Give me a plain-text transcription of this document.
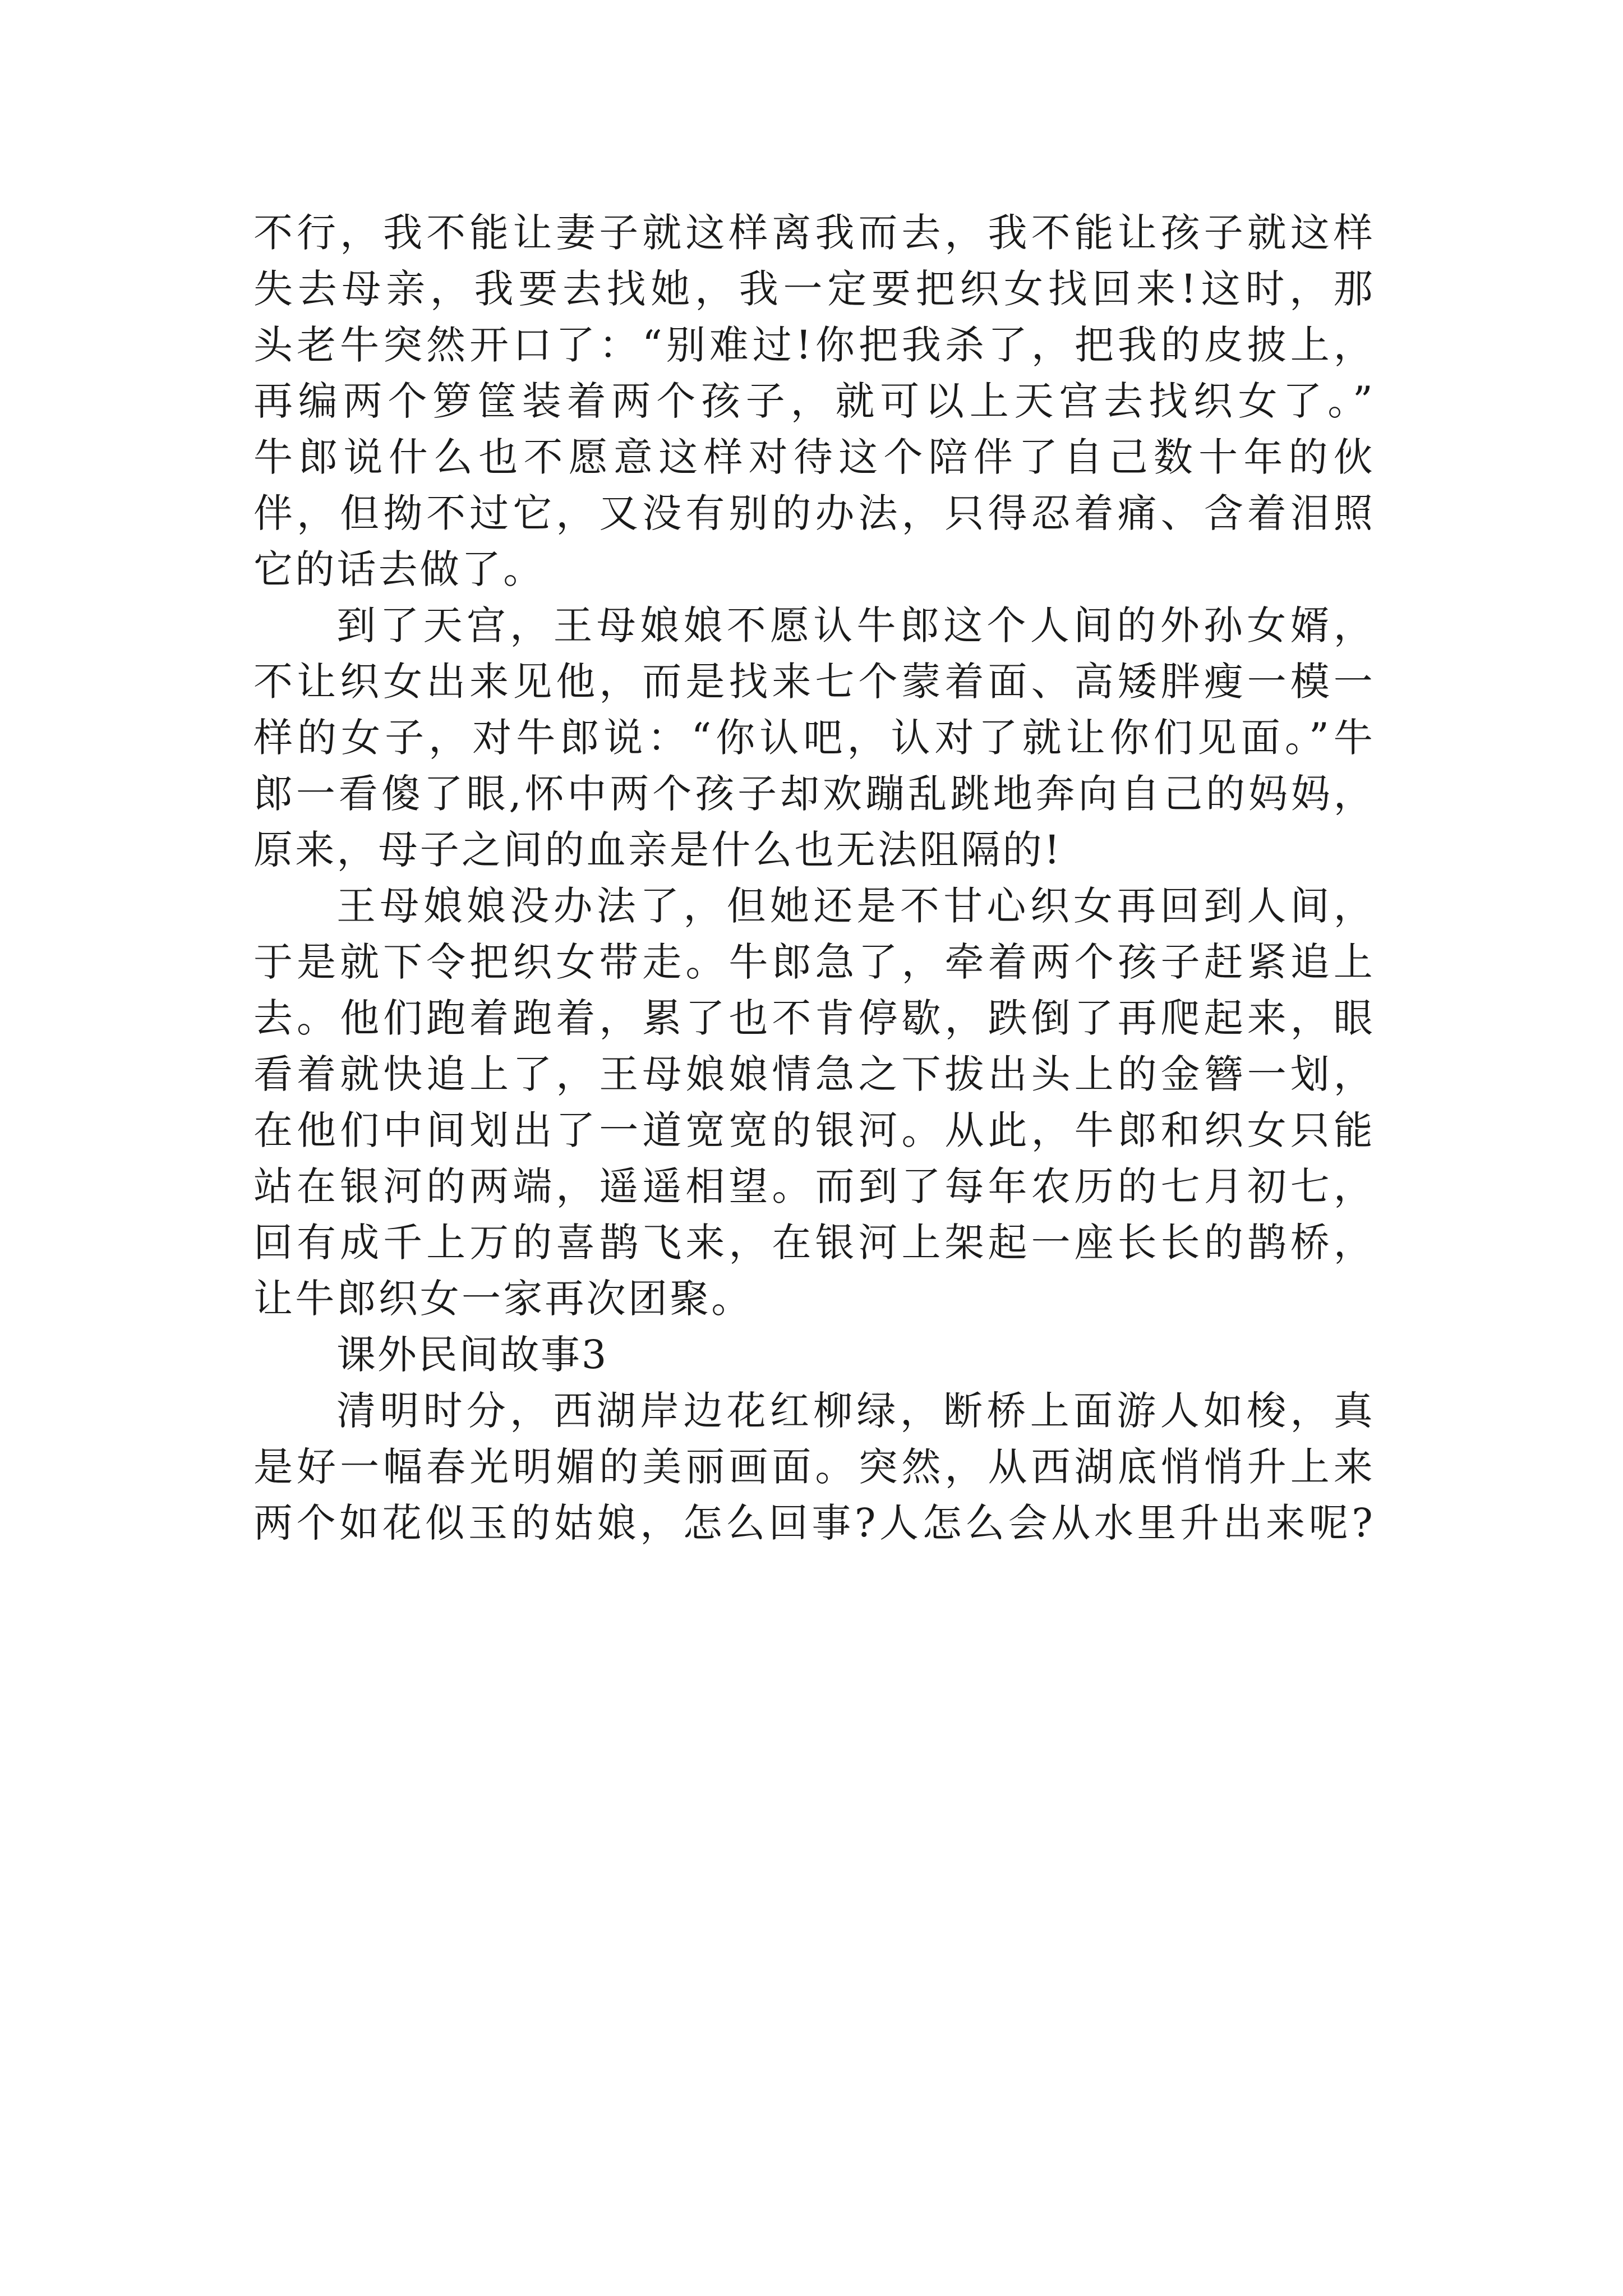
不行，我不能让妻子就这样离我而去，我不能让孩子就这样
失去母亲，我要去找她，我一定要把织女找回来!这时，那
头老牛突然开口了：“别难过!你把我杀了，把我的皮披上，
再编两个箩筐装着两个孩子，就可以上天宫去找织女了。”
牛郎说什么也不愿意这样对待这个陪伴了自己数十年的伙
伴，但拗不过它，又没有别的办法，只得忍着痛、含着泪照
它的话去做了。
到了天宫，王母娘娘不愿认牛郎这个人间的外孙女婿，
不让织女出来见他，而是找来七个蒙着面、高矮胖瘦一模一
样的女子，对牛郎说：“你认吧，认对了就让你们见面。”牛
郎一看傻了眼,怀中两个孩子却欢蹦乱跳地奔向自己的妈妈，
原来，母子之间的血亲是什么也无法阻隔的!
王母娘娘没办法了，但她还是不甘心织女再回到人间，
于是就下令把织女带走。牛郎急了，牵着两个孩子赶紧追上
去。他们跑着跑着，累了也不肯停歇，跌倒了再爬起来，眼
看着就快追上了，王母娘娘情急之下拔出头上的金簪一划，
在他们中间划出了一道宽宽的银河。从此，牛郎和织女只能
站在银河的两端，遥遥相望。而到了每年农历的七月初七，
回有成千上万的喜鹊飞来，在银河上架起一座长长的鹊桥，
让牛郎织女一家再次团聚。
课外民间故事3
清明时分，西湖岸边花红柳绿，断桥上面游人如梭，真
是好一幅春光明媚的美丽画面。突然，从西湖底悄悄升上来
两个如花似玉的姑娘，怎么回事?人怎么会从水里升出来呢?
